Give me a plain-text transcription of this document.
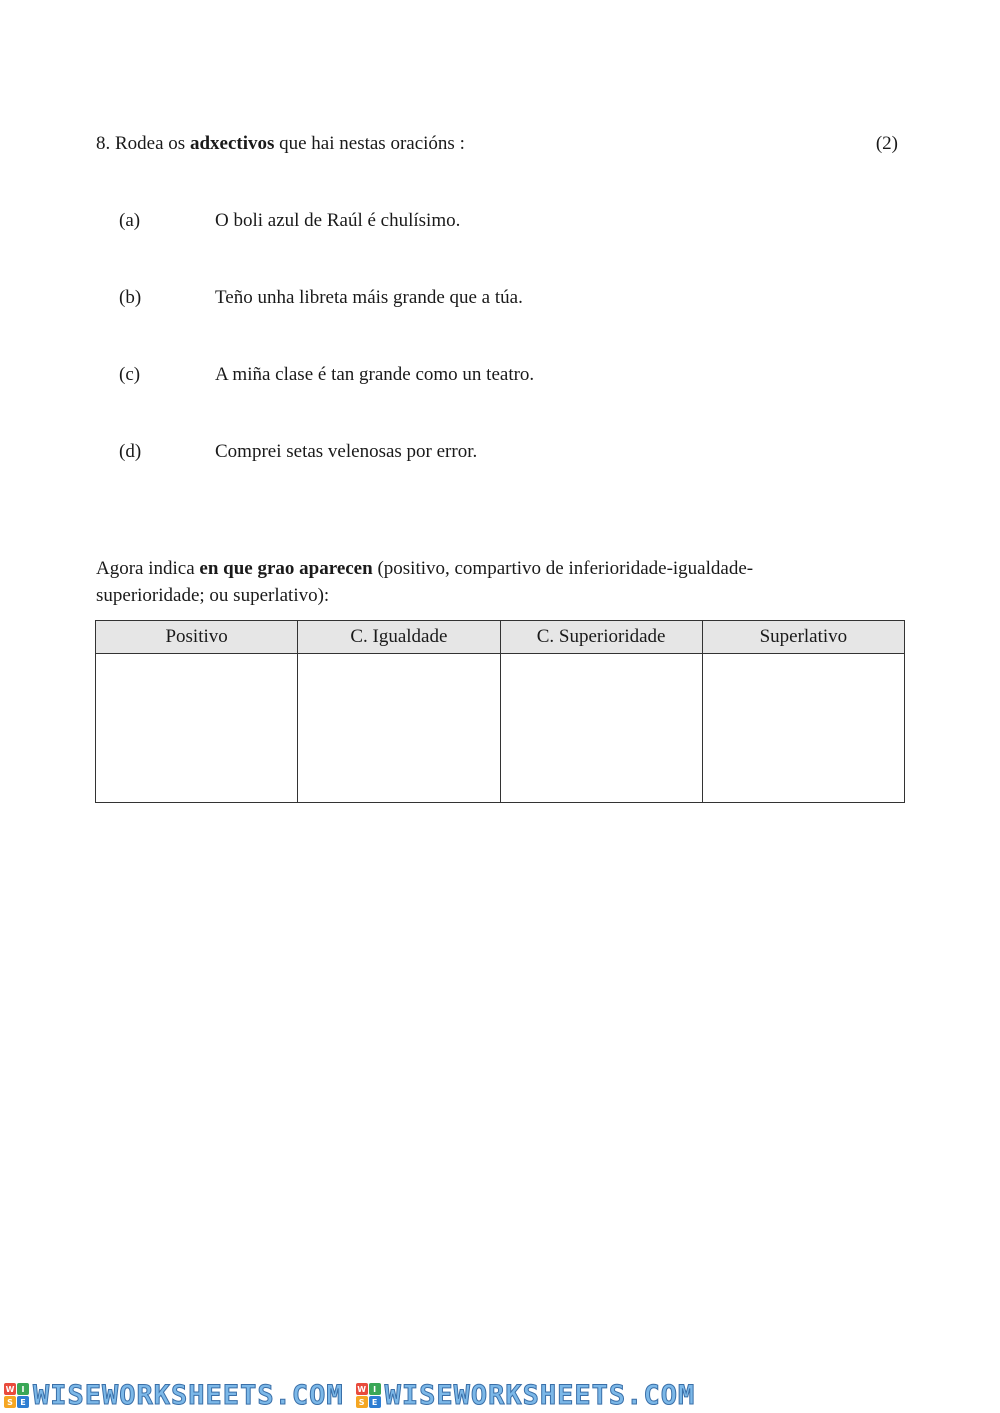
8. Rodea os adxectivos que hai nestas oracións :	(2)
(a)	O boli azul de Raúl é chulísimo.
(b)	Teño unha libreta máis grande que a túa.
(c)	A miña clase é tan grande como un teatro.
(d)	Comprei setas velenosas por error.
Agora indica en que grao aparecen (positivo, compartivo de inferioridade-igualdade-superioridade; ou superlativo):
Positivo	C. Igualdade	C. Superioridade	Superlativo

W I
S E WISEWORKSHEETS.COM W I
S E WISEWORKSHEETS.COM
